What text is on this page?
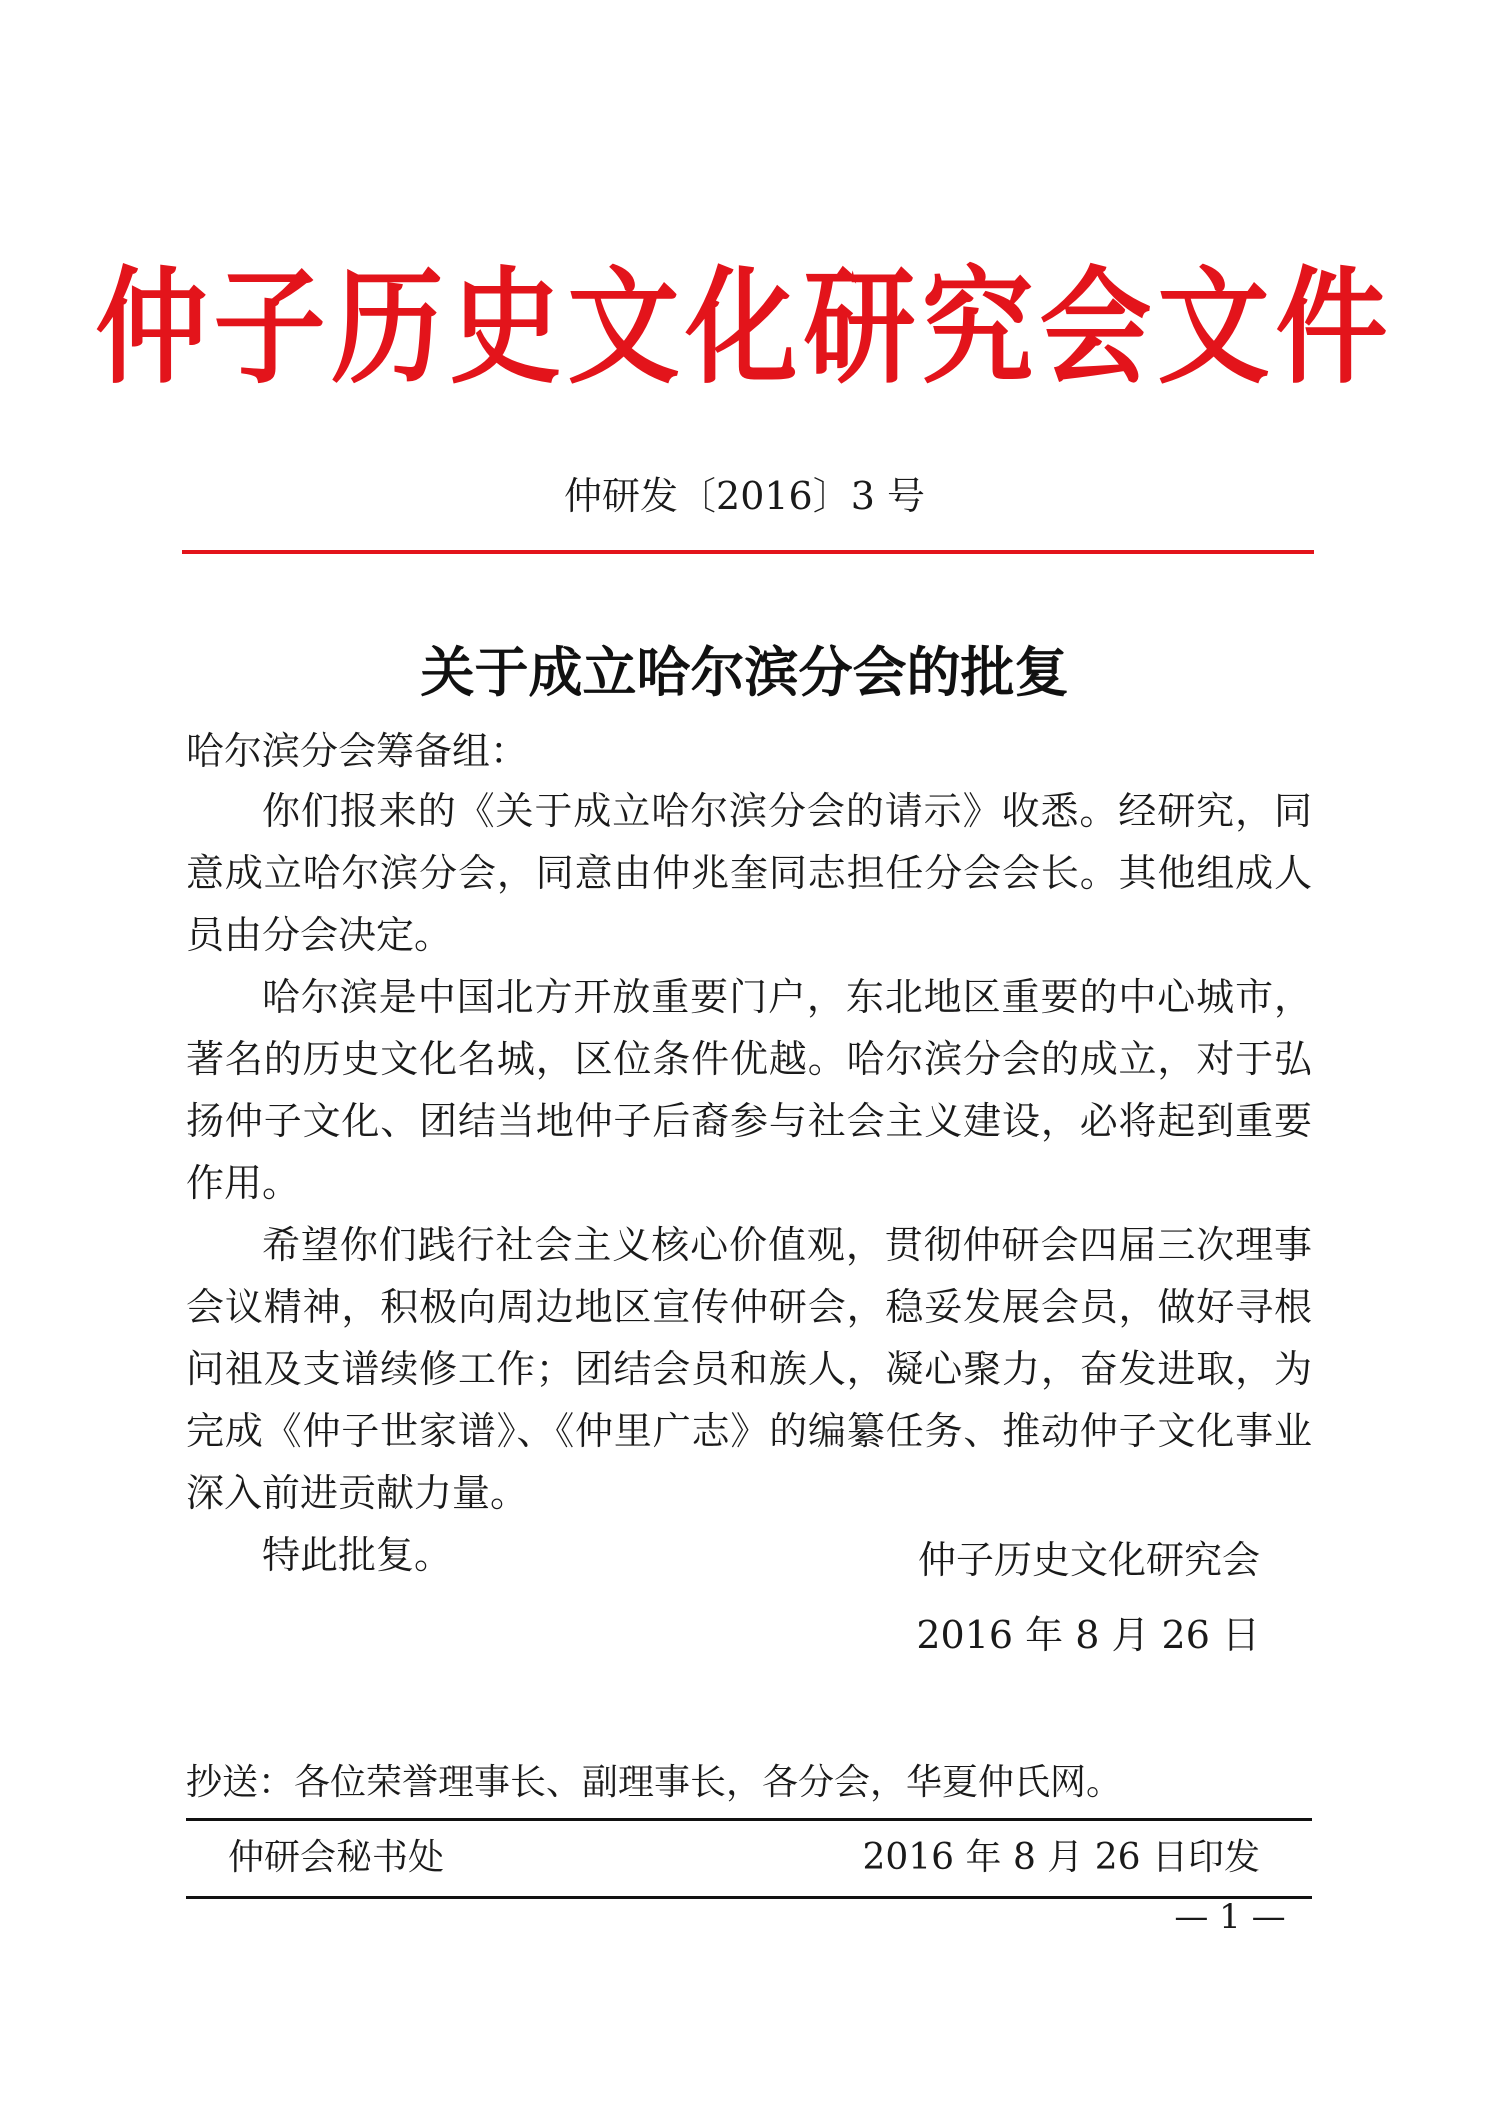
仲子历史文化研究会文件
仲研发〔2016〕3 号
关于成立哈尔滨分会的批复
哈尔滨分会筹备组：

你们报来的《关于成立哈尔滨分会的请示》收悉。经研究，同意成立哈尔滨分会，同意由仲兆奎同志担任分会会长。其他组成人员由分会决定。

哈尔滨是中国北方开放重要门户，东北地区重要的中心城市，著名的历史文化名城，区位条件优越。哈尔滨分会的成立，对于弘扬仲子文化、团结当地仲子后裔参与社会主义建设，必将起到重要作用。

希望你们践行社会主义核心价值观，贯彻仲研会四届三次理事会议精神，积极向周边地区宣传仲研会，稳妥发展会员，做好寻根问祖及支谱续修工作；团结会员和族人，凝心聚力，奋发进取，为完成《仲子世家谱》、《仲里广志》的编纂任务、推动仲子文化事业深入前进贡献力量。

特此批复。	仲子历史文化研究会
2016 年 8 月 26 日
抄送：各位荣誉理事长、副理事长，各分会，华夏仲氏网。
仲研会秘书处	2016 年 8 月 26 日印发
— 1 —
